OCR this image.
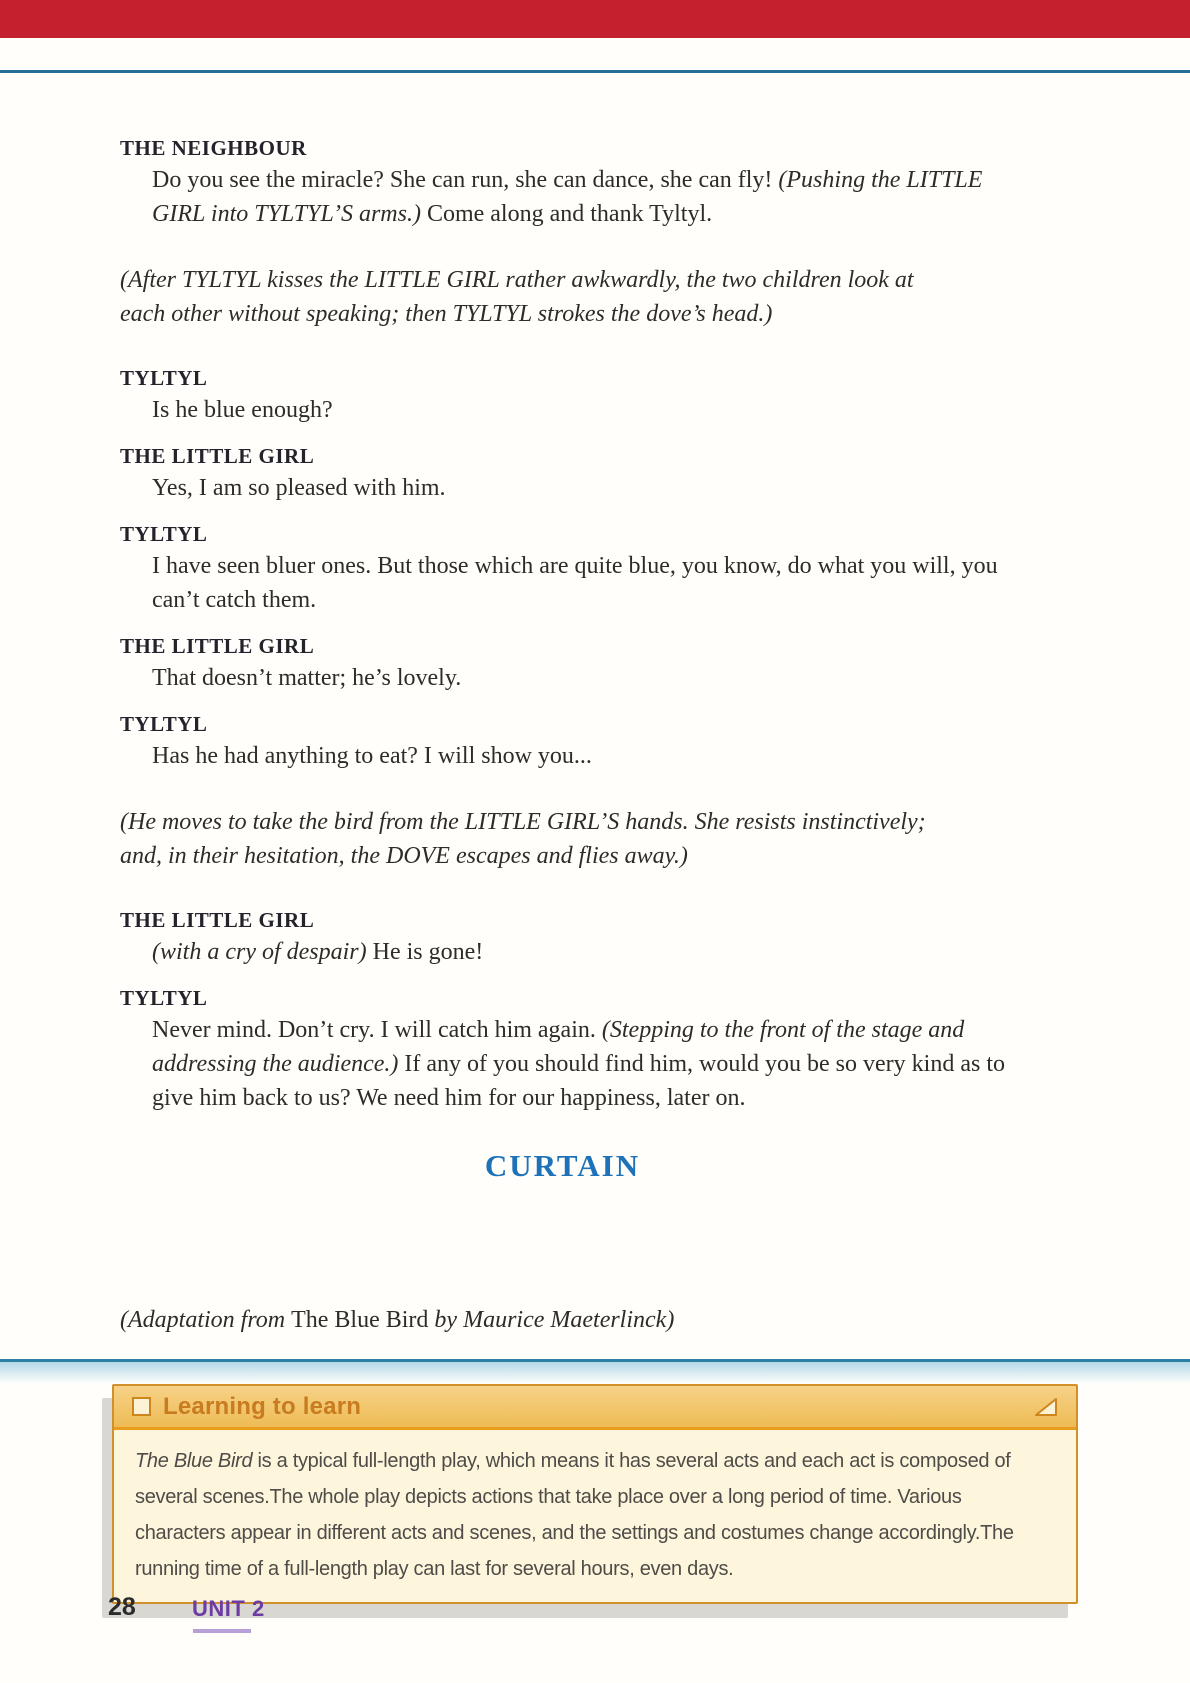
THE NEIGHBOUR

Do you see the miracle? She can run, she can dance, she can fly! (Pushing the LITTLE GIRL into TYLTYL’S arms.) Come along and thank Tyltyl.

(After TYLTYL kisses the LITTLE GIRL rather awkwardly, the two children look at each other without speaking; then TYLTYL strokes the dove’s head.)

TYLTYL

Is he blue enough?

THE LITTLE GIRL

Yes, I am so pleased with him.

TYLTYL

I have seen bluer ones. But those which are quite blue, you know, do what you will, you can’t catch them.

THE LITTLE GIRL

That doesn’t matter; he’s lovely.

TYLTYL

Has he had anything to eat? I will show you...

(He moves to take the bird from the LITTLE GIRL’S hands. She resists instinctively; and, in their hesitation, the DOVE escapes and flies away.)

THE LITTLE GIRL

(with a cry of despair) He is gone!

TYLTYL

Never mind. Don’t cry. I will catch him again. (Stepping to the front of the stage and addressing the audience.) If any of you should find him, would you be so very kind as to give him back to us? We need him for our happiness, later on.

CURTAIN

(Adaptation from The Blue Bird by Maurice Maeterlinck)

Learning to learn
The Blue Bird is a typical full-length play, which means it has several acts and each act is composed of several scenes.The whole play depicts actions that take place over a long period of time. Various characters appear in different acts and scenes, and the settings and costumes change accordingly.The running time of a full-length play can last for several hours, even days.
28	UNIT 2
